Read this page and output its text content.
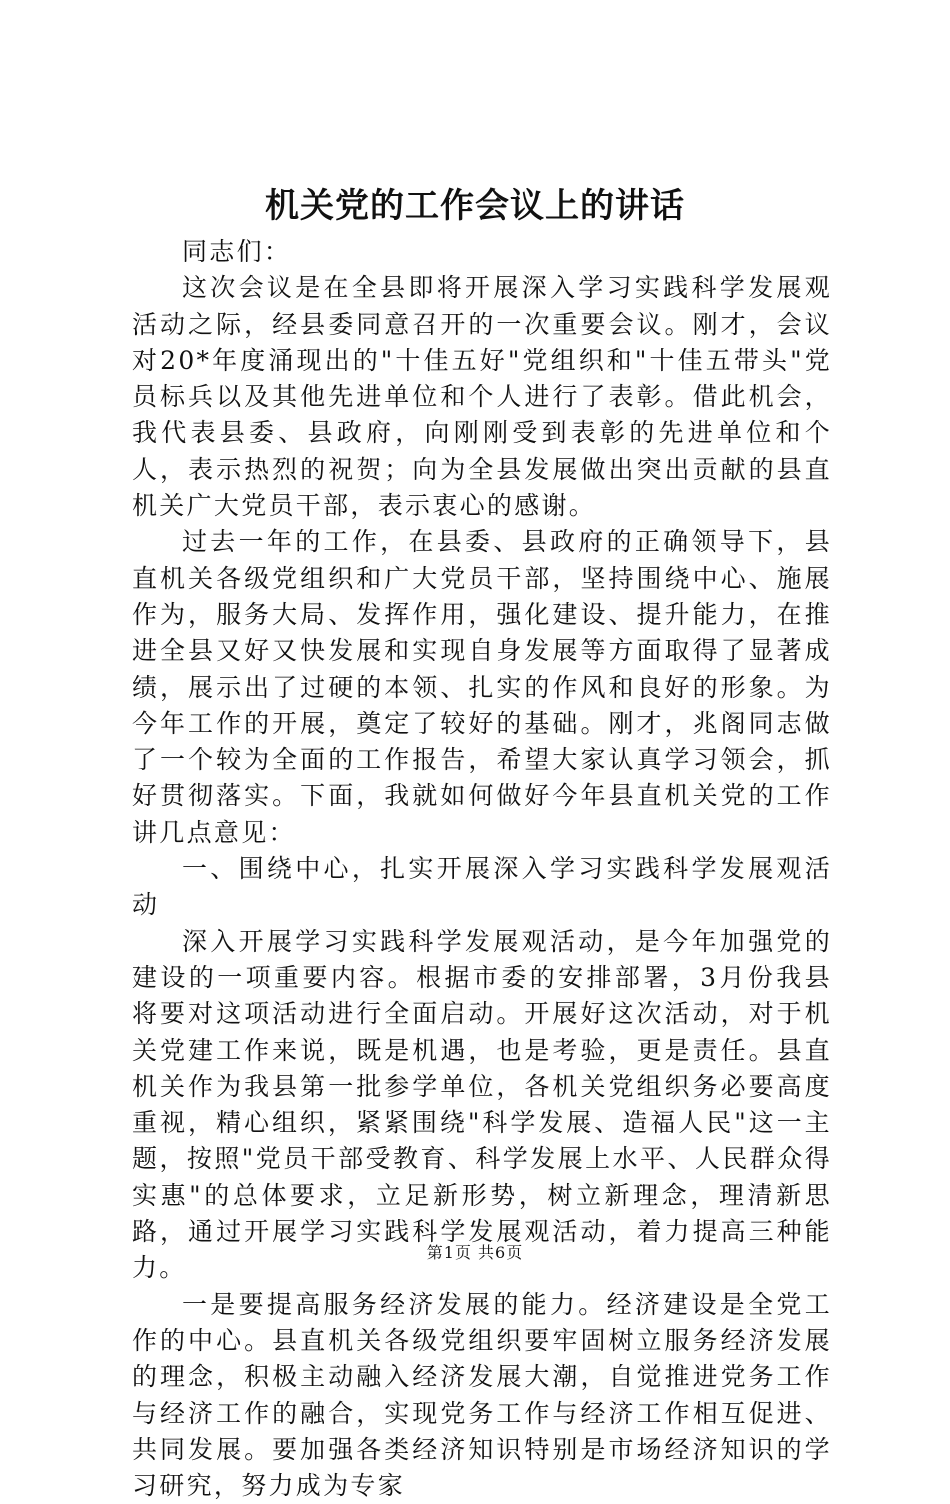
机关党的工作会议上的讲话

同志们：

这次会议是在全县即将开展深入学习实践科学发展观活动之际，经县委同意召开的一次重要会议。刚才，会议对20*年度涌现出的"十佳五好"党组织和"十佳五带头"党员标兵以及其他先进单位和个人进行了表彰。借此机会，我代表县委、县政府，向刚刚受到表彰的先进单位和个人，表示热烈的祝贺；向为全县发展做出突出贡献的县直机关广大党员干部，表示衷心的感谢。

过去一年的工作，在县委、县政府的正确领导下，县直机关各级党组织和广大党员干部，坚持围绕中心、施展作为，服务大局、发挥作用，强化建设、提升能力，在推进全县又好又快发展和实现自身发展等方面取得了显著成绩，展示出了过硬的本领、扎实的作风和良好的形象。为今年工作的开展，奠定了较好的基础。刚才，兆阁同志做了一个较为全面的工作报告，希望大家认真学习领会，抓好贯彻落实。下面，我就如何做好今年县直机关党的工作讲几点意见：

一、围绕中心，扎实开展深入学习实践科学发展观活动

深入开展学习实践科学发展观活动，是今年加强党的建设的一项重要内容。根据市委的安排部署，3月份我县将要对这项活动进行全面启动。开展好这次活动，对于机关党建工作来说，既是机遇，也是考验，更是责任。县直机关作为我县第一批参学单位，各机关党组织务必要高度重视，精心组织，紧紧围绕"科学发展、造福人民"这一主题，按照"党员干部受教育、科学发展上水平、人民群众得实惠"的总体要求，立足新形势，树立新理念，理清新思路，通过开展学习实践科学发展观活动，着力提高三种能力。

一是要提高服务经济发展的能力。经济建设是全党工作的中心。县直机关各级党组织要牢固树立服务经济发展的理念，积极主动融入经济发展大潮，自觉推进党务工作与经济工作的融合，实现党务工作与经济工作相互促进、共同发展。要加强各类经济知识特别是市场经济知识的学习研究，努力成为专家

第1页 共6页
